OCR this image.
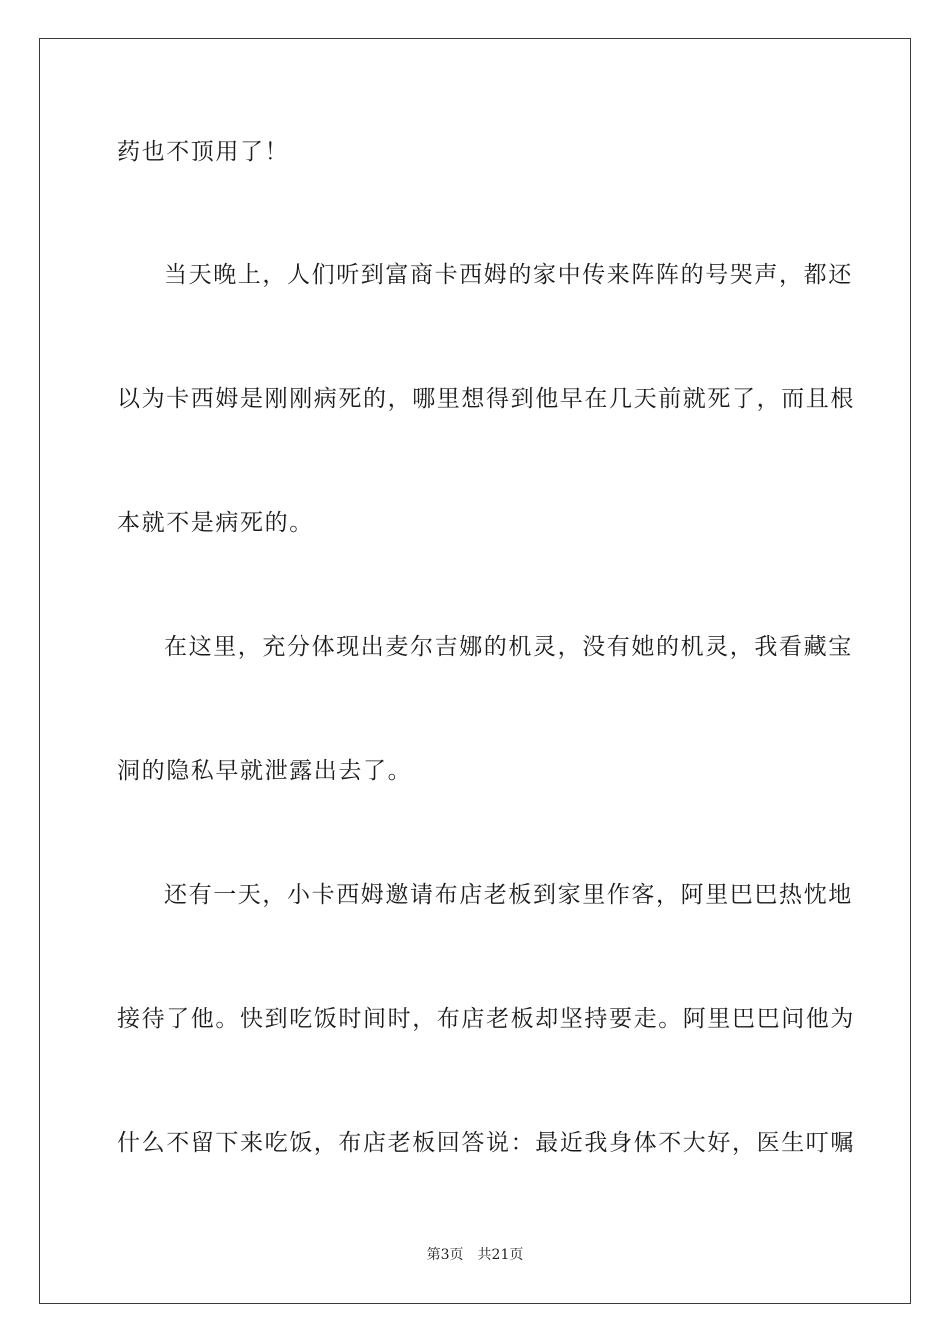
药也不顶用了！
当天晚上，人们听到富商卡西姆的家中传来阵阵的号哭声，都还
以为卡西姆是刚刚病死的，哪里想得到他早在几天前就死了，而且根
本就不是病死的。
在这里，充分体现出麦尔吉娜的机灵，没有她的机灵，我看藏宝
洞的隐私早就泄露出去了。
还有一天，小卡西姆邀请布店老板到家里作客，阿里巴巴热忱地
接待了他。快到吃饭时间时，布店老板却坚持要走。阿里巴巴问他为
什么不留下来吃饭，布店老板回答说：最近我身体不大好，医生叮嘱
第3页 共21页
